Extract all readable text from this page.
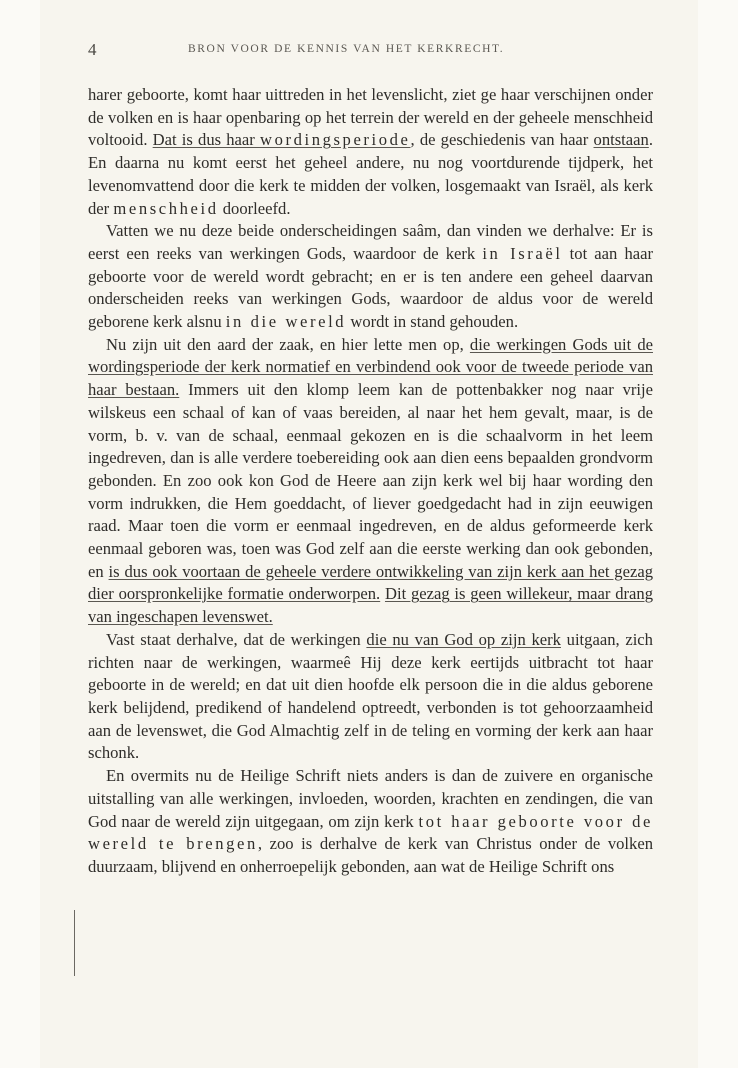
4	BRON VOOR DE KENNIS VAN HET KERKRECHT.

harer geboorte, komt haar uittreden in het levenslicht, ziet ge haar verschijnen onder de volken en is haar openbaring op het terrein der wereld en der geheele menschheid voltooid. Dat is dus haar wordingsperiode, de geschiedenis van haar ontstaan. En daarna nu komt eerst het geheel andere, nu nog voortdurende tijdperk, het levenomvattend door die kerk te midden der volken, losgemaakt van Israël, als kerk der menschheid doorleefd.

Vatten we nu deze beide onderscheidingen saâm, dan vinden we derhalve: Er is eerst een reeks van werkingen Gods, waardoor de kerk in Israël tot aan haar geboorte voor de wereld wordt gebracht; en er is ten andere een geheel daarvan onderscheiden reeks van werkingen Gods, waardoor de aldus voor de wereld geborene kerk alsnu in die wereld wordt in stand gehouden.

Nu zijn uit den aard der zaak, en hier lette men op, die werkingen Gods uit de wordingsperiode der kerk normatief en verbindend ook voor de tweede periode van haar bestaan. Immers uit den klomp leem kan de pottenbakker nog naar vrije wilskeus een schaal of kan of vaas bereiden, al naar het hem gevalt, maar, is de vorm, b. v. van de schaal, eenmaal gekozen en is die schaalvorm in het leem ingedreven, dan is alle verdere toebereiding ook aan dien eens bepaalden grondvorm gebonden. En zoo ook kon God de Heere aan zijn kerk wel bij haar wording den vorm indrukken, die Hem goeddacht, of liever goedgedacht had in zijn eeuwigen raad. Maar toen die vorm er eenmaal ingedreven, en de aldus geformeerde kerk eenmaal geboren was, toen was God zelf aan die eerste werking dan ook gebonden, en is dus ook voortaan de geheele verdere ontwikkeling van zijn kerk aan het gezag dier oorspronkelijke formatie onderworpen. Dit gezag is geen willekeur, maar drang van ingeschapen levenswet.

Vast staat derhalve, dat de werkingen die nu van God op zijn kerk uitgaan, zich richten naar de werkingen, waarmeê Hij deze kerk eertijds uitbracht tot haar geboorte in de wereld; en dat uit dien hoofde elk persoon die in die aldus geborene kerk belijdend, predikend of handelend optreedt, verbonden is tot gehoorzaamheid aan de levenswet, die God Almachtig zelf in de teling en vorming der kerk aan haar schonk.

En overmits nu de Heilige Schrift niets anders is dan de zuivere en organische uitstalling van alle werkingen, invloeden, woorden, krachten en zendingen, die van God naar de wereld zijn uitgegaan, om zijn kerk tot haar geboorte voor de wereld te brengen, zoo is derhalve de kerk van Christus onder de volken duurzaam, blijvend en onherroepelijk gebonden, aan wat de Heilige Schrift ons
